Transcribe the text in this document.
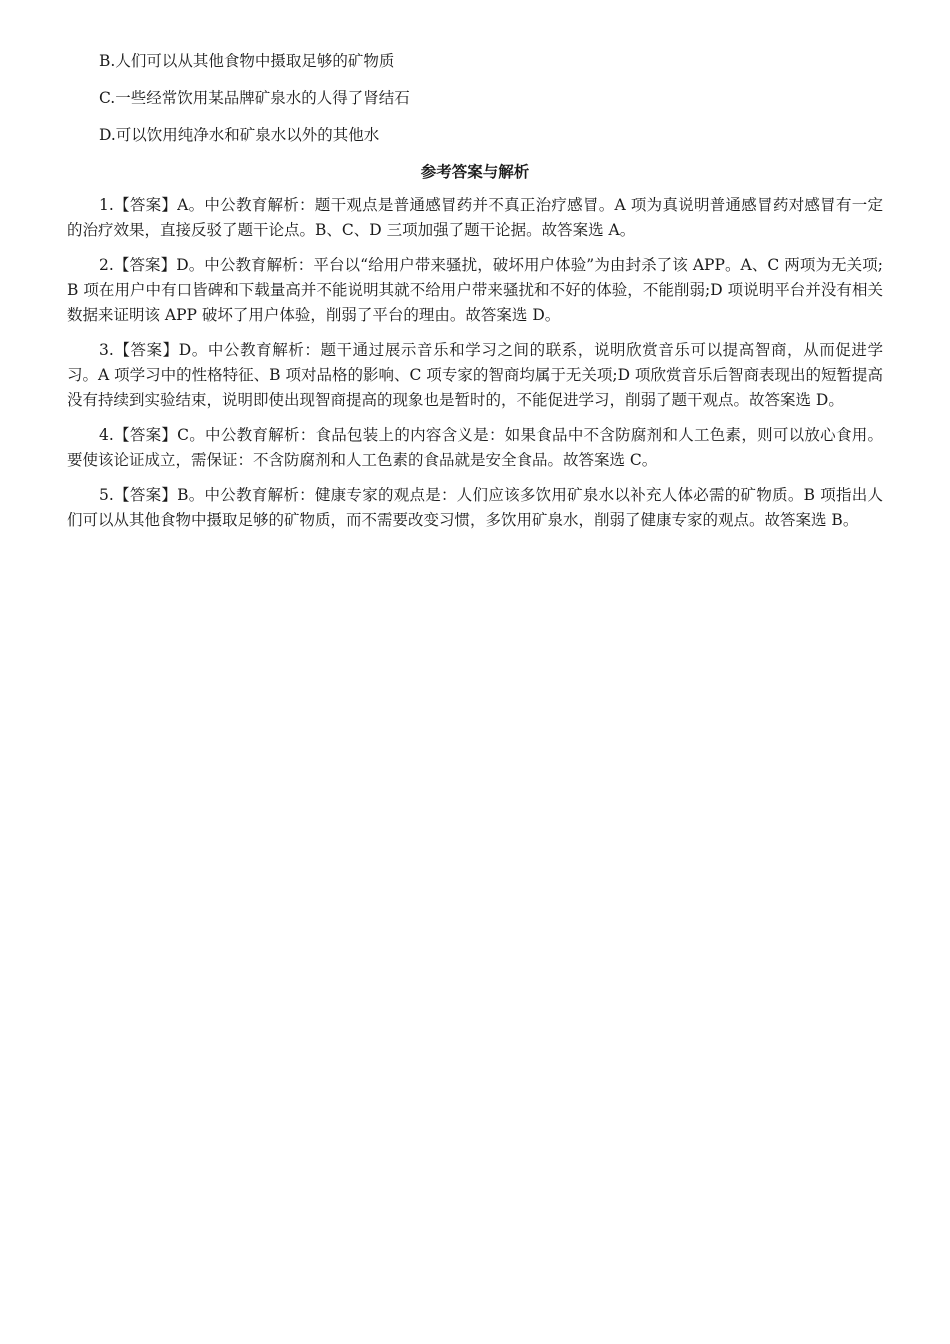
B.人们可以从其他食物中摄取足够的矿物质

C.一些经常饮用某品牌矿泉水的人得了肾结石

D.可以饮用纯净水和矿泉水以外的其他水

参考答案与解析

1.【答案】A。中公教育解析：题干观点是普通感冒药并不真正治疗感冒。A 项为真说明普通感冒药对感冒有一定的治疗效果，直接反驳了题干论点。B、C、D 三项加强了题干论据。故答案选 A。

2.【答案】D。中公教育解析：平台以“给用户带来骚扰，破坏用户体验”为由封杀了该 APP。A、C 两项为无关项;B 项在用户中有口皆碑和下载量高并不能说明其就不给用户带来骚扰和不好的体验，不能削弱;D 项说明平台并没有相关数据来证明该 APP 破坏了用户体验，削弱了平台的理由。故答案选 D。

3.【答案】D。中公教育解析：题干通过展示音乐和学习之间的联系，说明欣赏音乐可以提高智商，从而促进学习。A 项学习中的性格特征、B 项对品格的影响、C 项专家的智商均属于无关项;D 项欣赏音乐后智商表现出的短暂提高没有持续到实验结束，说明即使出现智商提高的现象也是暂时的，不能促进学习，削弱了题干观点。故答案选 D。

4.【答案】C。中公教育解析：食品包装上的内容含义是：如果食品中不含防腐剂和人工色素，则可以放心食用。要使该论证成立，需保证：不含防腐剂和人工色素的食品就是安全食品。故答案选 C。

5.【答案】B。中公教育解析：健康专家的观点是：人们应该多饮用矿泉水以补充人体必需的矿物质。B 项指出人们可以从其他食物中摄取足够的矿物质，而不需要改变习惯，多饮用矿泉水，削弱了健康专家的观点。故答案选 B。
